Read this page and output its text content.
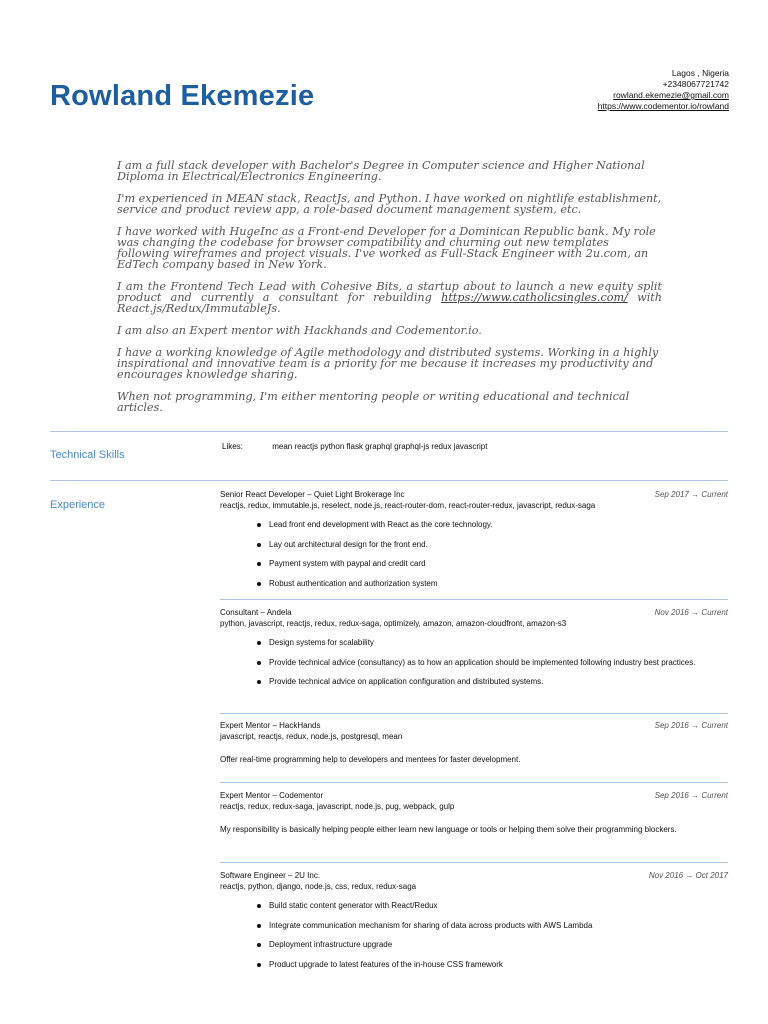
Rowland Ekemezie
Lagos , Nigeria
+2348067721742
rowland.ekemezie@gmail.com
https://www.codementor.io/rowland

I am a full stack developer with Bachelor's Degree in Computer science and Higher National Diploma in Electrical/Electronics Engineering.

I'm experienced in MEAN stack, ReactJs, and Python. I have worked on nightlife establishment, service and product review app, a role-based document management system, etc.

I have worked with HugeInc as a Front-end Developer for a Dominican Republic bank. My role was changing the codebase for browser compatibility and churning out new templates following wireframes and project visuals. I've worked as Full-Stack Engineer with 2u.com, an EdTech company based in New York.

I am the Frontend Tech Lead with Cohesive Bits, a startup about to launch a new equity split product and currently a consultant for rebuilding https://www.catholicsingles.com/ with

React.js/Redux/ImmutableJs.

I am also an Expert mentor with Hackhands and Codementor.io.

I have a working knowledge of Agile methodology and distributed systems. Working in a highly inspirational and innovative team is a priority for me because it increases my productivity and encourages knowledge sharing.

When not programming, I'm either mentoring people or writing educational and technical articles.

Technical Skills
Likes:	mean reactjs python flask graphql graphql-js redux javascript
Experience
Senior React Developer – Quiet Light Brokerage Inc	Sep 2017 → Current
reactjs, redux, immutable.js, reselect, node.js, react-router-dom, react-router-redux, javascript, redux-saga
Lead front end development with React as the core technology.
Lay out architectural design for the front end.
Payment system with paypal and credit card
Robust authentication and authorization system
Consultant – Andela	Nov 2016 → Current
python, javascript, reactjs, redux, redux-saga, optimizely, amazon, amazon-cloudfront, amazon-s3
Design systems for scalability
Provide technical advice (consultancy) as to how an application should be implemented following industry best practices.
Provide technical advice on application configuration and distributed systems.
Expert Mentor – HackHands	Sep 2016 → Current
javascript, reactjs, redux, node.js, postgresql, mean
Offer real-time programming help to developers and mentees for faster development.
Expert Mentor – Codementor	Sep 2016 → Current
reactjs, redux, redux-saga, javascript, node.js, pug, webpack, gulp
My responsibility is basically helping people either learn new language or tools or helping them solve their programming blockers.
Software Engineer – 2U Inc.	Nov 2016 → Oct 2017
reactjs, python, django, node.js, css, redux, redux-saga
Build static content generator with React/Redux
Integrate communication mechanism for sharing of data across products with AWS Lambda
Deployment infrastructure upgrade
Product upgrade to latest features of the in-house CSS framework
